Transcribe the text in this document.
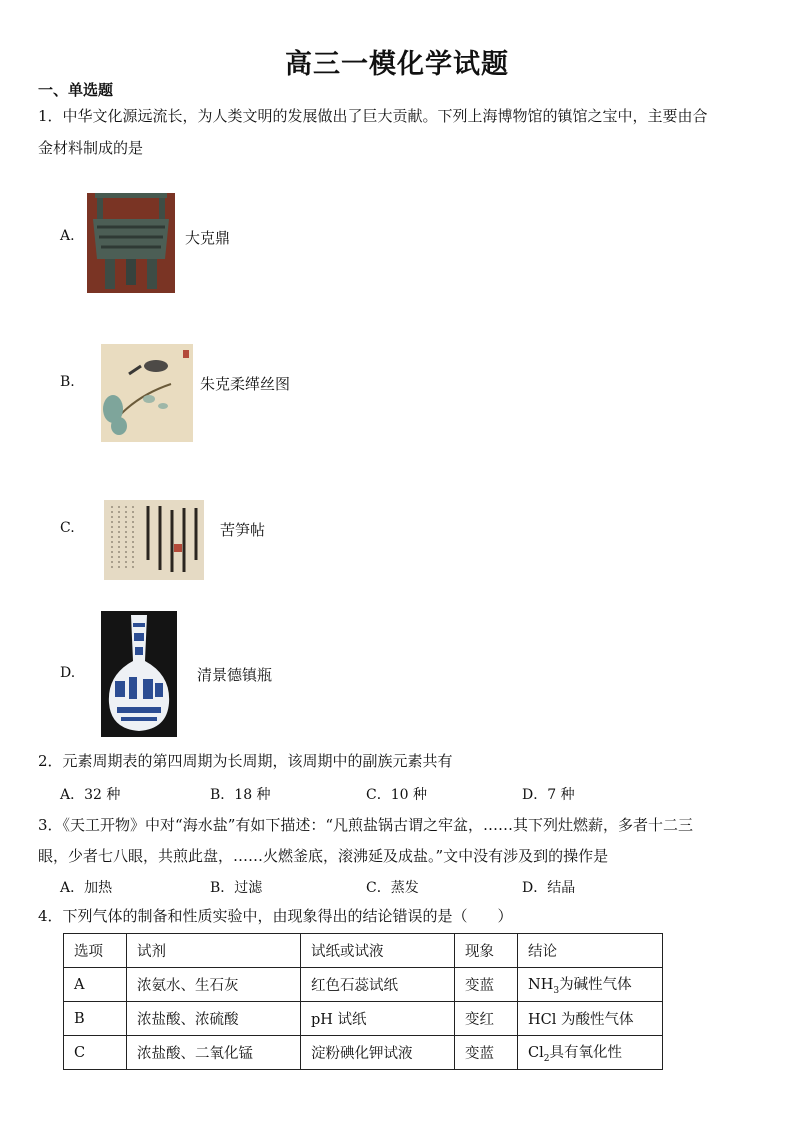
高三一模化学试题
一、单选题
1．中华文化源远流长，为人类文明的发展做出了巨大贡献。下列上海博物馆的镇馆之宝中，主要由合
金材料制成的是
A.	大克鼎
B.	朱克柔缂丝图
C.	苦笋帖
D.	清景德镇瓶
2．元素周期表的第四周期为长周期，该周期中的副族元素共有
A．32 种	B．18 种	C．10 种	D．7 种
3．《天工开物》中对“海水盐”有如下描述：“凡煎盐锅古谓之牢盆，……其下列灶燃薪，多者十二三
眼，少者七八眼，共煎此盘，……火燃釜底，滚沸延及成盐。”文中没有涉及到的操作是
A．加热	B．过滤	C．蒸发	D．结晶
4．下列气体的制备和性质实验中，由现象得出的结论错误的是（　　）
选项	试剂	试纸或试液	现象	结论
A	浓氨水、生石灰	红色石蕊试纸	变蓝	$NH_3$为碱性气体
B	浓盐酸、浓硫酸	pH 试纸	变红	HCl 为酸性气体
C	浓盐酸、二氧化锰	淀粉碘化钾试液	变蓝	$Cl_2$具有氧化性
